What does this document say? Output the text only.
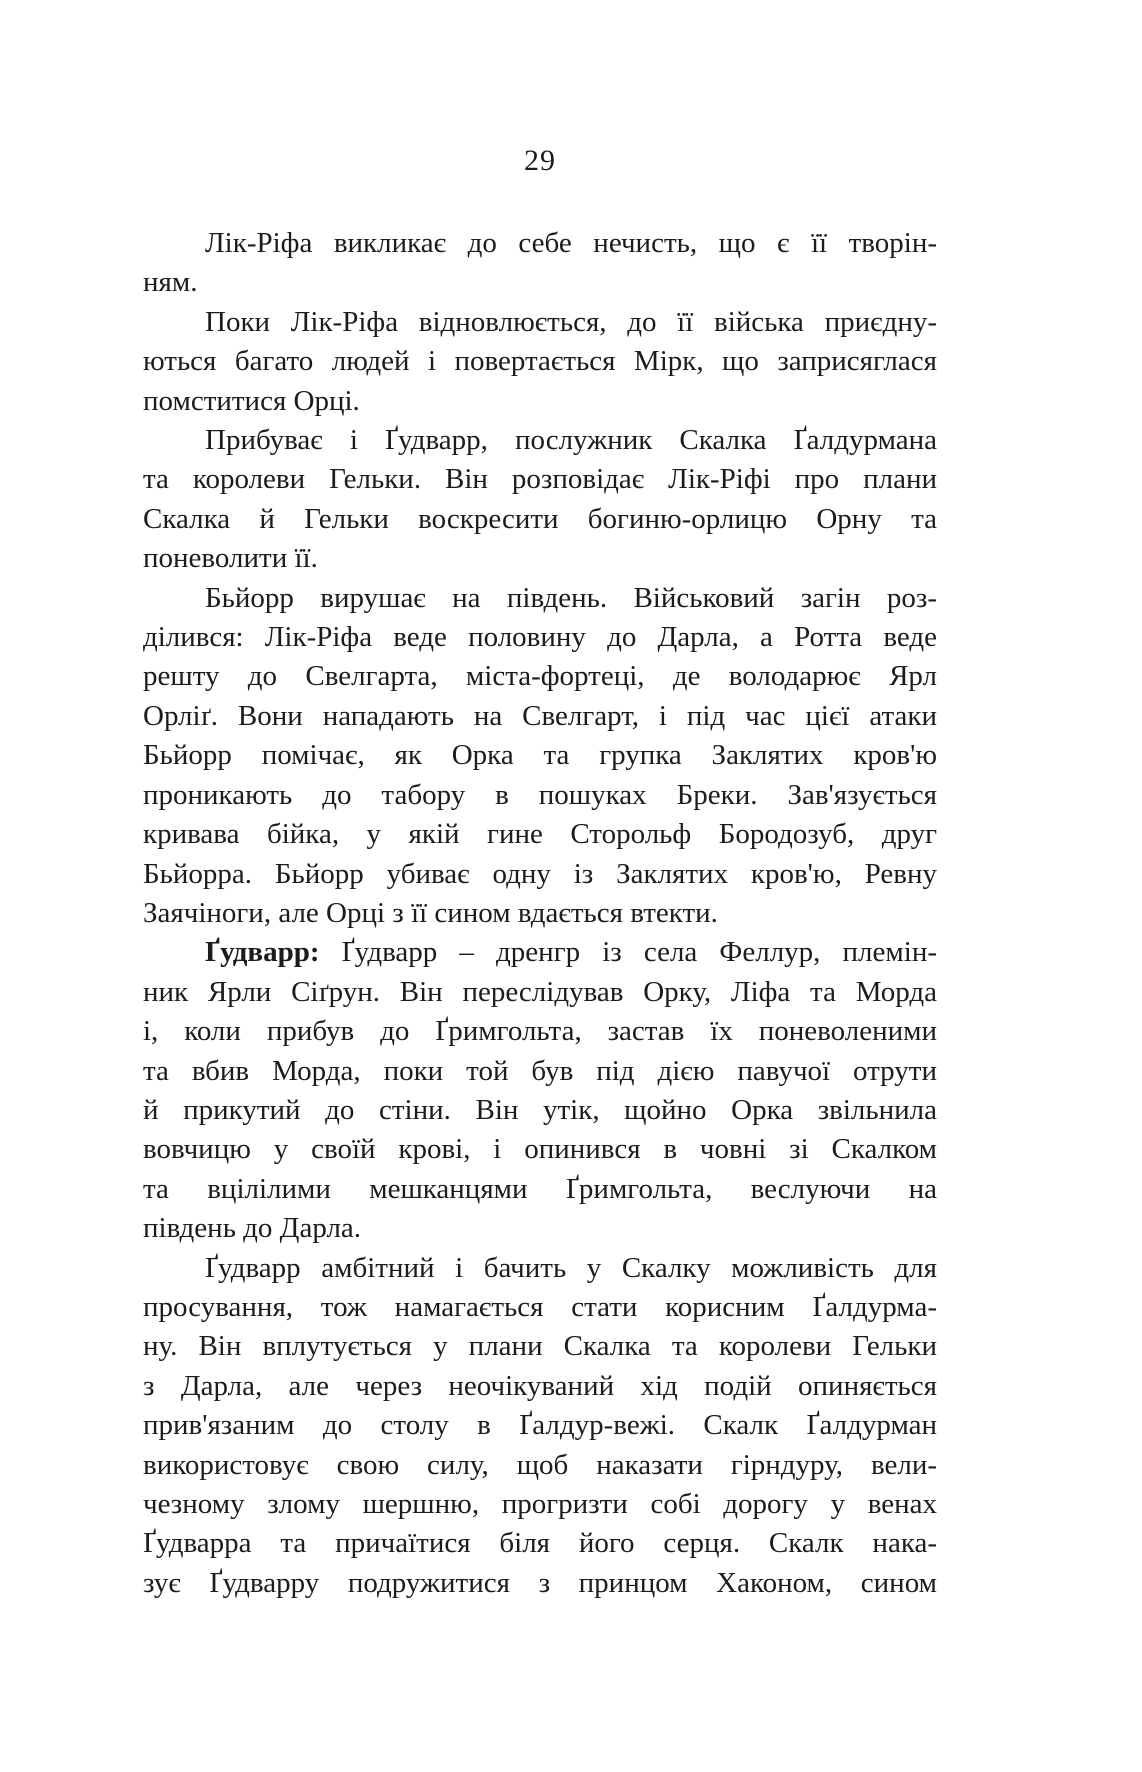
29
Лік-Ріфа викликає до себе нечисть, що є її творін-
ням.
Поки Лік-Ріфа відновлюється, до її війська приєдну-
ються багато людей і повертається Мірк, що заприсяглася
помститися Орці.
Прибуває і Ґудварр, послужник Скалка Ґалдурмана
та королеви Гельки. Він розповідає Лік-Ріфі про плани
Скалка й Гельки воскресити богиню-орлицю Орну та
поневолити її.
Бьйорр вирушає на південь. Військовий загін роз-
ділився: Лік-Ріфа веде половину до Дарла, а Ротта веде
решту до Свелгарта, міста-фортеці, де володарює Ярл
Орліґ. Вони нападають на Свелгарт, і під час цієї атаки
Бьйорр помічає, як Орка та групка Заклятих кров'ю
проникають до табору в пошуках Бреки. Зав'язується
кривава бійка, у якій гине Сторольф Бородозуб, друг
Бьйорра. Бьйорр убиває одну із Заклятих кров'ю, Ревну
Заячіноги, але Орці з її сином вдається втекти.
Ґудварр: Ґудварр – дренгр із села Феллур, племін-
ник Ярли Сіґрун. Він переслідував Орку, Ліфа та Морда
і, коли прибув до Ґримгольта, застав їх поневоленими
та вбив Морда, поки той був під дією павучої отрути
й прикутий до стіни. Він утік, щойно Орка звільнила
вовчицю у своїй крові, і опинився в човні зі Скалком
та вцілілими мешканцями Ґримгольта, веслуючи на
південь до Дарла.
Ґудварр амбітний і бачить у Скалку можливість для
просування, тож намагається стати корисним Ґалдурма-
ну. Він вплутується у плани Скалка та королеви Гельки
з Дарла, але через неочікуваний хід подій опиняється
прив'язаним до столу в Ґалдур-вежі. Скалк Ґалдурман
використовує свою силу, щоб наказати гірндуру, вели-
чезному злому шершню, прогризти собі дорогу у венах
Ґудварра та причаїтися біля його серця. Скалк нака-
зує Ґудварру подружитися з принцом Хаконом, сином
